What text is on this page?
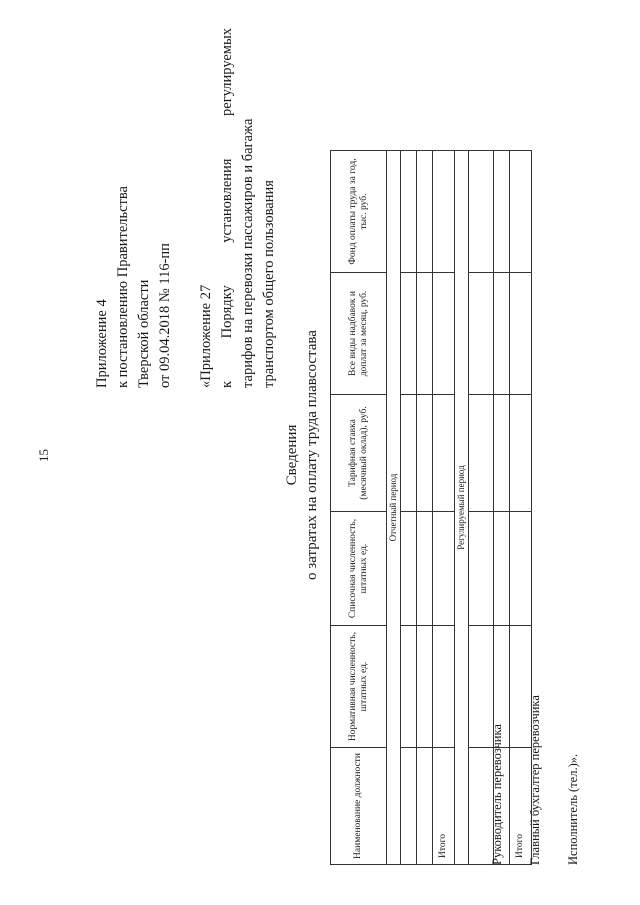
15
Приложение 4 к постановлению Правительства Тверской области от 09.04.2018 № 116-пп «Приложение 27 к
Порядку
установления
регулируемых
тарифов на перевозки пассажиров и багажа транспортом общего пользования
Сведения о затратах на оплату труда плавсостава
Наименование должности	Нормативная численность, штатных ед.	Списочная численность, штатных ед.	Тарифная ставка (месячный оклад), руб.	Все виды надбавок и доплат за месяц, руб.	Фонд оплаты труда за год, тыс. руб.
Отчетный период					

Итого					
Регулируемый период					

Итого					
Руководитель перевозчика Главный бухгалтер перевозчика Исполнитель (тел.)».
